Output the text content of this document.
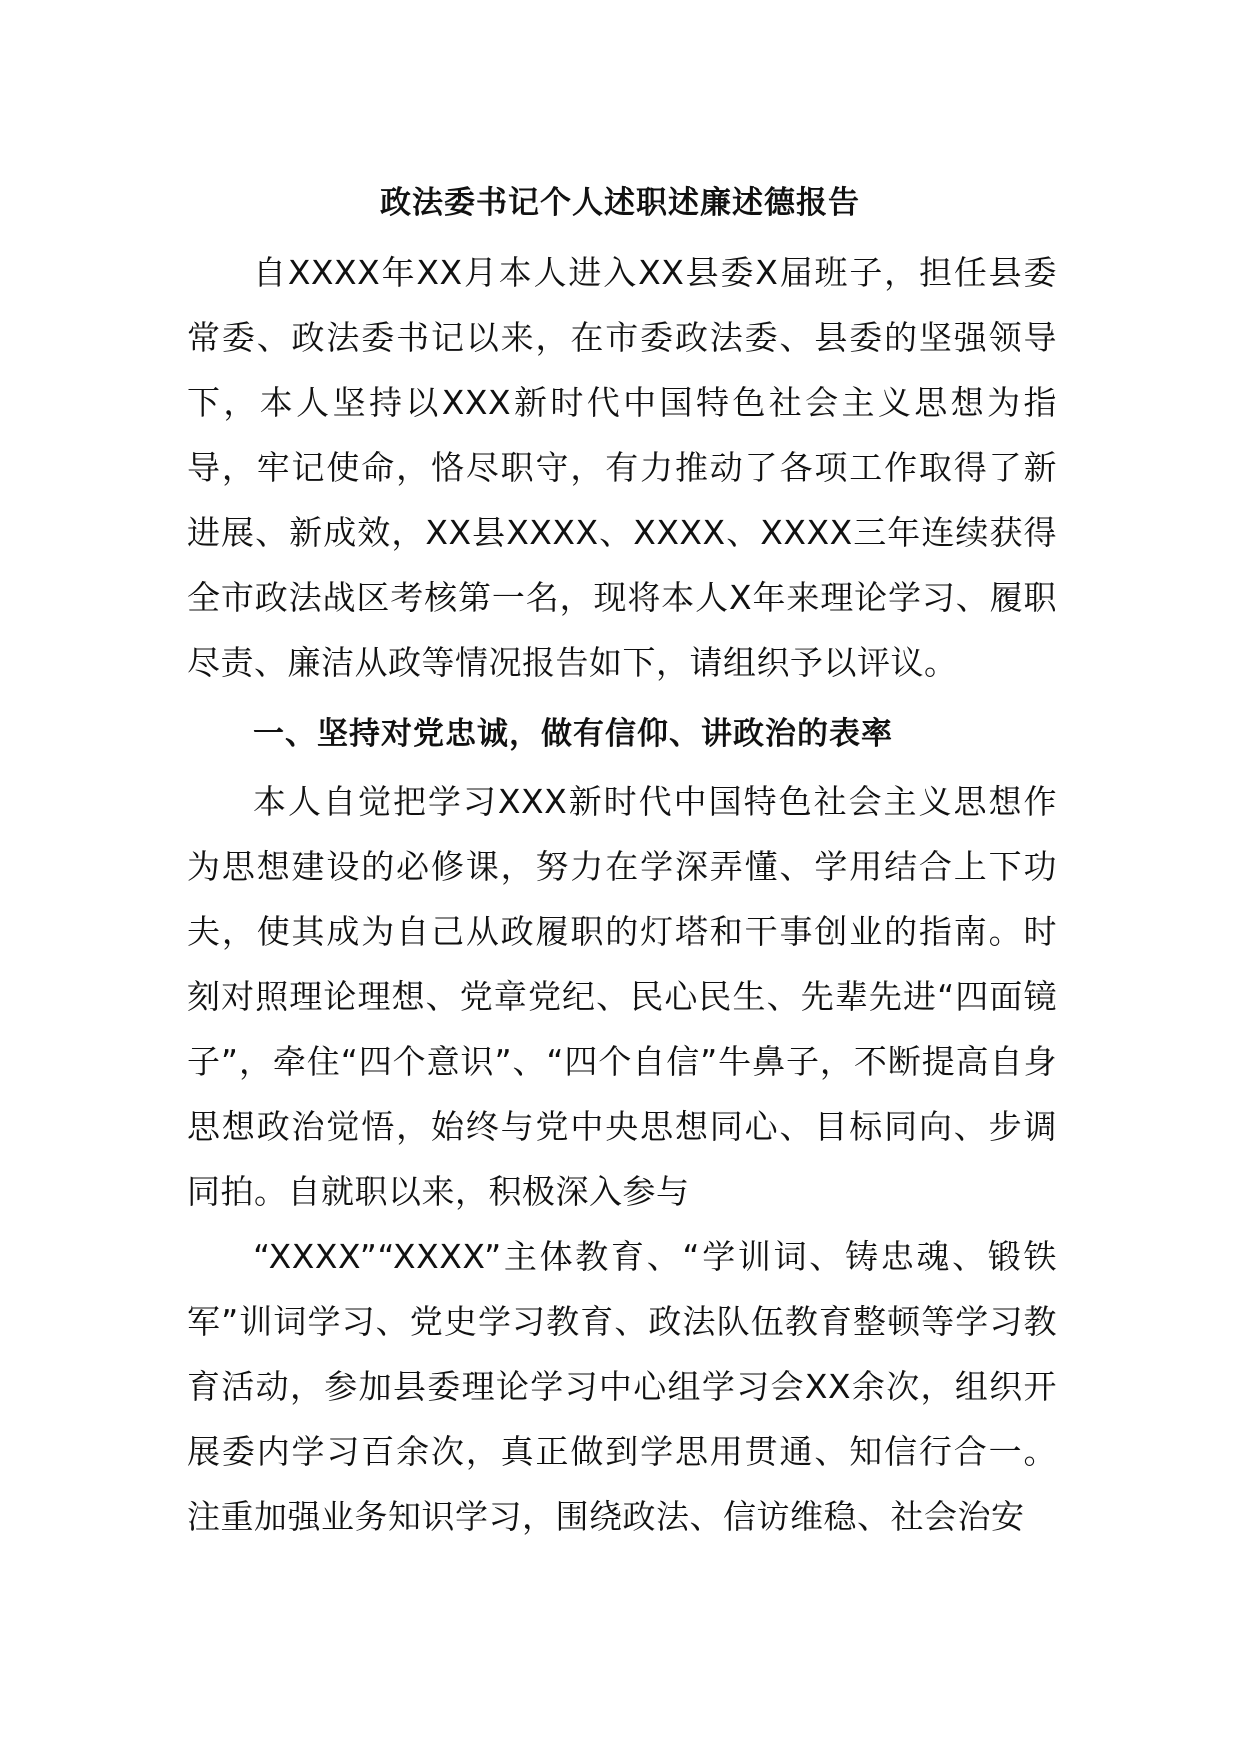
政法委书记个人述职述廉述德报告

自XXXX年XX月本人进入XX县委X届班子，担任县委常委、政法委书记以来，在市委政法委、县委的坚强领导下，本人坚持以XXX新时代中国特色社会主义思想为指导，牢记使命，恪尽职守，有力推动了各项工作取得了新进展、新成效，XX县XXXX、XXXX、XXXX三年连续获得全市政法战区考核第一名，现将本人X年来理论学习、履职尽责、廉洁从政等情况报告如下，请组织予以评议。

一、坚持对党忠诚，做有信仰、讲政治的表率

本人自觉把学习XXX新时代中国特色社会主义思想作为思想建设的必修课，努力在学深弄懂、学用结合上下功夫，使其成为自己从政履职的灯塔和干事创业的指南。时刻对照理论理想、党章党纪、民心民生、先辈先进“四面镜子”，牵住“四个意识”、“四个自信”牛鼻子，不断提高自身思想政治觉悟，始终与党中央思想同心、目标同向、步调同拍。自就职以来，积极深入参与

“XXXX”“XXXX”主体教育、“学训词、铸忠魂、锻铁军”训词学习、党史学习教育、政法队伍教育整顿等学习教育活动，参加县委理论学习中心组学习会XX余次，组织开展委内学习百余次，真正做到学思用贯通、知信行合一。注重加强业务知识学习，围绕政法、信访维稳、社会治安
